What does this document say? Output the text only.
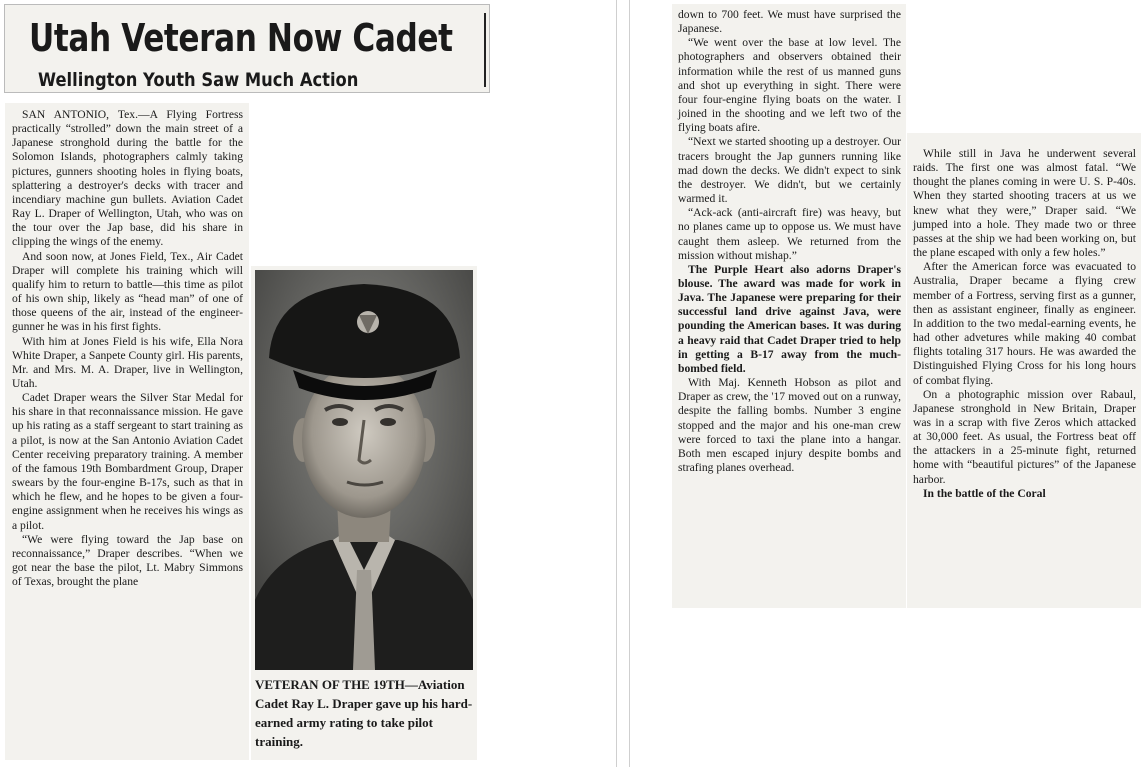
Utah Veteran Now Cadet
Wellington Youth Saw Much Action

SAN ANTONIO, Tex.—A Flying Fortress practically “strolled” down the main street of a Japanese stronghold during the battle for the Solomon Islands, photographers calmly taking pictures, gunners shooting holes in flying boats, splattering a destroyer's decks with tracer and incendiary machine gun bullets. Aviation Cadet Ray L. Draper of Wellington, Utah, who was on the tour over the Jap base, did his share in clipping the wings of the enemy.

And soon now, at Jones Field, Tex., Air Cadet Draper will complete his training which will qualify him to return to battle—this time as pilot of his own ship, likely as “head man” of one of those queens of the air, instead of the engineer-gunner he was in his first fights.

With him at Jones Field is his wife, Ella Nora White Draper, a Sanpete County girl. His parents, Mr. and Mrs. M. A. Draper, live in Wellington, Utah.

Cadet Draper wears the Silver Star Medal for his share in that reconnaissance mission. He gave up his rating as a staff sergeant to start training as a pilot, is now at the San Antonio Aviation Cadet Center receiving preparatory training. A member of the famous 19th Bombardment Group, Draper swears by the four-engine B-17s, such as that in which he flew, and he hopes to be given a four-engine assignment when he receives his wings as a pilot.

“We were flying toward the Jap base on reconnaissance,” Draper describes. “When we got near the base the pilot, Lt. Mabry Simmons of Texas, brought the plane

VETERAN OF THE 19TH—Aviation Cadet Ray L. Draper gave up his hard-earned army rating to take pilot training.

down to 700 feet. We must have surprised the Japanese.

“We went over the base at low level. The photographers and observers obtained their information while the rest of us manned guns and shot up everything in sight. There were four four-engine flying boats on the water. I joined in the shooting and we left two of the flying boats afire.

“Next we started shooting up a destroyer. Our tracers brought the Jap gunners running like mad down the decks. We didn't expect to sink the destroyer. We didn't, but we certainly warmed it.

“Ack-ack (anti-aircraft fire) was heavy, but no planes came up to oppose us. We must have caught them asleep. We returned from the mission without mishap.”

The Purple Heart also adorns Draper's blouse. The award was made for work in Java. The Japanese were preparing for their successful land drive against Java, were pounding the American bases. It was during a heavy raid that Cadet Draper tried to help in getting a B-17 away from the much-bombed field.

With Maj. Kenneth Hobson as pilot and Draper as crew, the '17 moved out on a runway, despite the falling bombs. Number 3 engine stopped and the major and his one-man crew were forced to taxi the plane into a hangar. Both men escaped injury despite bombs and strafing planes overhead.

While still in Java he underwent several raids. The first one was almost fatal. “We thought the planes coming in were U. S. P-40s. When they started shooting tracers at us we knew what they were,” Draper said. “We jumped into a hole. They made two or three passes at the ship we had been working on, but the plane escaped with only a few holes.”

After the American force was evacuated to Australia, Draper became a flying crew member of a Fortress, serving first as a gunner, then as assistant engineer, finally as engineer. In addition to the two medal-earning events, he had other advetures while making 40 combat flights totaling 317 hours. He was awarded the Distinguished Flying Cross for his long hours of combat flying.

On a photographic mission over Rabaul, Japanese stronghold in New Britain, Draper was in a scrap with five Zeros which attacked at 30,000 feet. As usual, the Fortress beat off the attackers in a 25-minute fight, returned home with “beautiful pictures” of the Japanese harbor.

In the battle of the Coral
